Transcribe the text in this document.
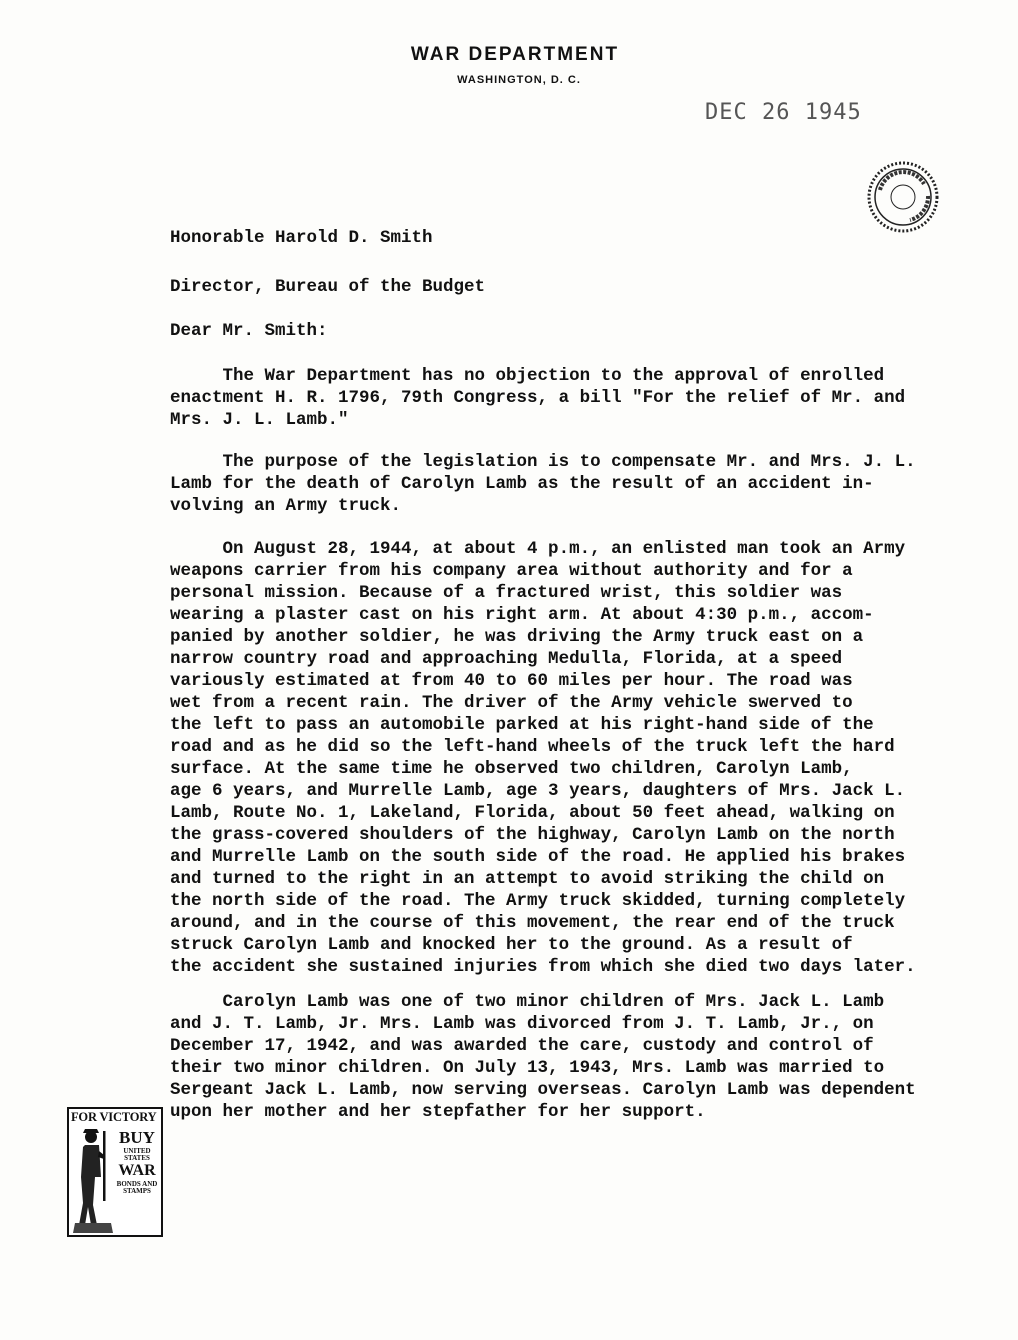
WAR DEPARTMENT
WASHINGTON, D. C.
DEC 26 1945
Honorable Harold D. Smith
Director, Bureau of the Budget
Dear Mr. Smith:
The War Department has no objection to the approval of enrolled
enactment H. R. 1796, 79th Congress, a bill "For the relief of Mr. and
Mrs. J. L. Lamb."
The purpose of the legislation is to compensate Mr. and Mrs. J. L.
Lamb for the death of Carolyn Lamb as the result of an accident in-
volving an Army truck.
On August 28, 1944, at about 4 p.m., an enlisted man took an Army
weapons carrier from his company area without authority and for a
personal mission. Because of a fractured wrist, this soldier was
wearing a plaster cast on his right arm. At about 4:30 p.m., accom-
panied by another soldier, he was driving the Army truck east on a
narrow country road and approaching Medulla, Florida, at a speed
variously estimated at from 40 to 60 miles per hour. The road was
wet from a recent rain. The driver of the Army vehicle swerved to
the left to pass an automobile parked at his right-hand side of the
road and as he did so the left-hand wheels of the truck left the hard
surface. At the same time he observed two children, Carolyn Lamb,
age 6 years, and Murrelle Lamb, age 3 years, daughters of Mrs. Jack L.
Lamb, Route No. 1, Lakeland, Florida, about 50 feet ahead, walking on
the grass-covered shoulders of the highway, Carolyn Lamb on the north
and Murrelle Lamb on the south side of the road. He applied his brakes
and turned to the right in an attempt to avoid striking the child on
the north side of the road. The Army truck skidded, turning completely
around, and in the course of this movement, the rear end of the truck
struck Carolyn Lamb and knocked her to the ground. As a result of
the accident she sustained injuries from which she died two days later.
Carolyn Lamb was one of two minor children of Mrs. Jack L. Lamb
and J. T. Lamb, Jr. Mrs. Lamb was divorced from J. T. Lamb, Jr., on
December 17, 1942, and was awarded the care, custody and control of
their two minor children. On July 13, 1943, Mrs. Lamb was married to
Sergeant Jack L. Lamb, now serving overseas. Carolyn Lamb was dependent
upon her mother and her stepfather for her support.
FOR VICTORY
BUY
UNITED STATES
WAR
BONDS AND STAMPS
